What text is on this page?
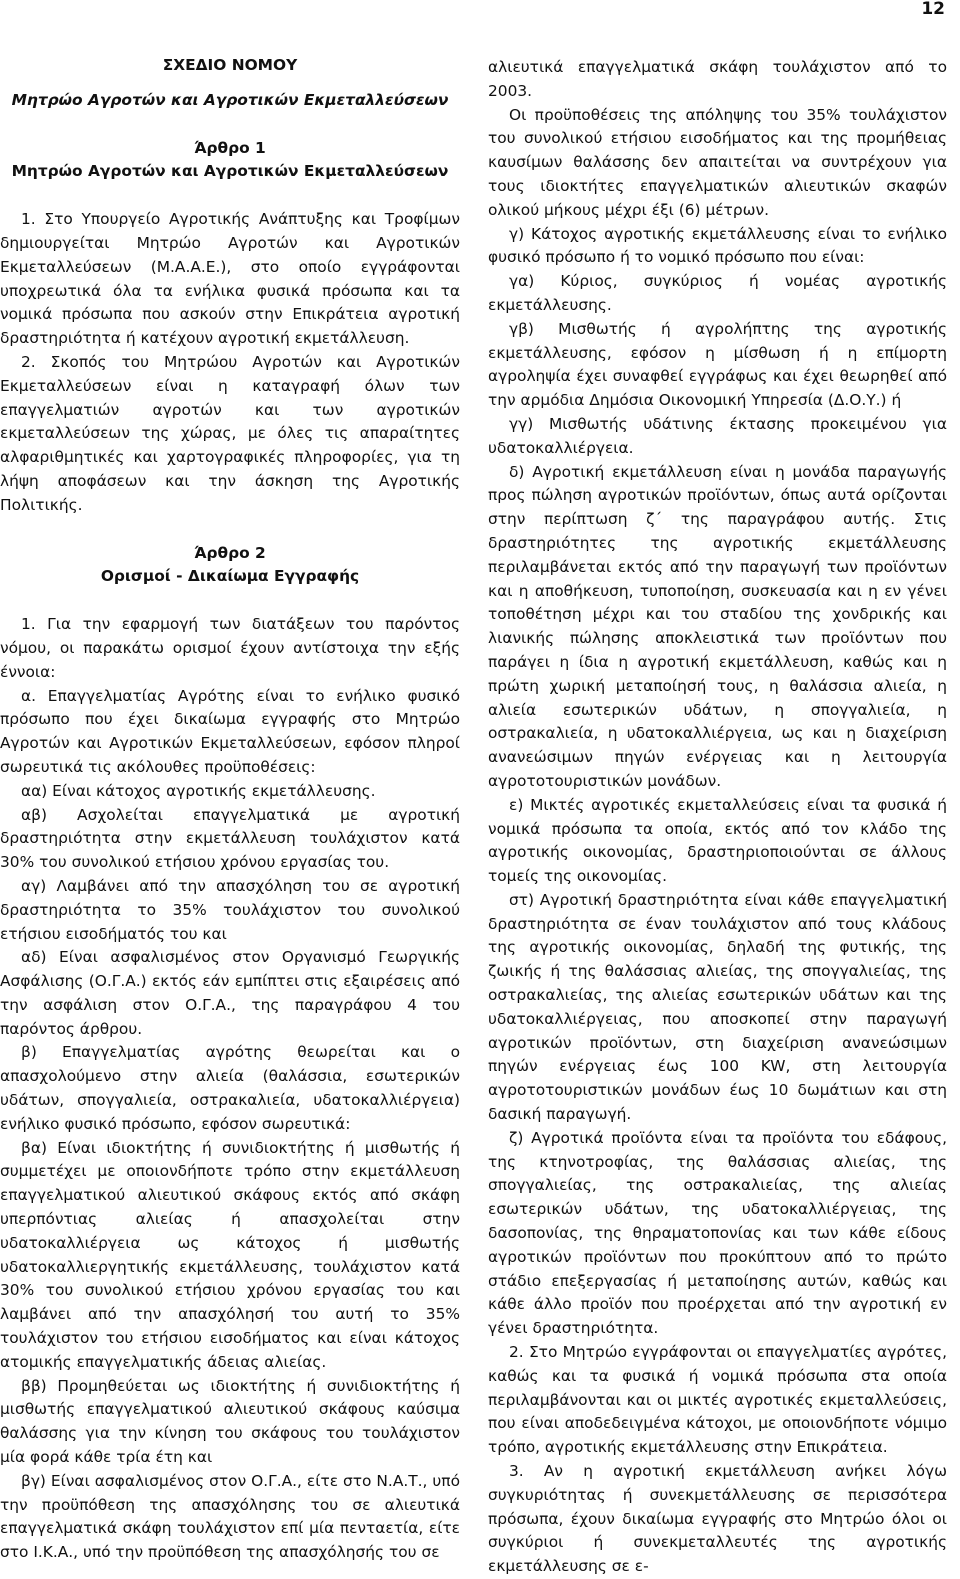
12

ΣΧΕΔΙΟ ΝΟΜΟΥ

Μητρώο Αγροτών και Αγροτικών Εκμεταλλεύσεων

Άρθρο 1

Μητρώο Αγροτών και Αγροτικών Εκμεταλλεύσεων

1. Στο Υπουργείο Αγροτικής Ανάπτυξης και Τροφίμων δημιουργείται Μητρώο Αγροτών και Αγροτικών Εκμεταλλεύσεων (Μ.Α.Α.Ε.), στο οποίο εγγράφονται υποχρεωτικά όλα τα ενήλικα φυσικά πρόσωπα και τα νομικά πρόσωπα που ασκούν στην Επικράτεια αγροτική δραστηριότητα ή κατέχουν αγροτική εκμετάλλευση.

2. Σκοπός του Μητρώου Αγροτών και Αγροτικών Εκμεταλλεύσεων είναι η καταγραφή όλων των επαγγελματιών αγροτών και των αγροτικών εκμεταλλεύσεων της χώρας, με όλες τις απαραίτητες αλφαριθμητικές και χαρτογραφικές πληροφορίες, για τη λήψη αποφάσεων και την άσκηση της Αγροτικής Πολιτικής.

Άρθρο 2

Ορισμοί - Δικαίωμα Εγγραφής

1. Για την εφαρμογή των διατάξεων του παρόντος νόμου, οι παρακάτω ορισμοί έχουν αντίστοιχα την εξής έννοια:

α. Επαγγελματίας Αγρότης είναι το ενήλικο φυσικό πρόσωπο που έχει δικαίωμα εγγραφής στο Μητρώο Αγροτών και Αγροτικών Εκμεταλλεύσεων, εφόσον πληροί σωρευτικά τις ακόλουθες προϋποθέσεις:

αα) Είναι κάτοχος αγροτικής εκμετάλλευσης.

αβ) Ασχολείται επαγγελματικά με αγροτική δραστηριότητα στην εκμετάλλευση τουλάχιστον κατά 30% του συνολικού ετήσιου χρόνου εργασίας του.

αγ) Λαμβάνει από την απασχόληση του σε αγροτική δραστηριότητα το 35% τουλάχιστον του συνολικού ετήσιου εισοδήματός του και

αδ) Είναι ασφαλισμένος στον Οργανισμό Γεωργικής Ασφάλισης (Ο.Γ.Α.) εκτός εάν εμπίπτει στις εξαιρέσεις από την ασφάλιση στον Ο.Γ.Α., της παραγράφου 4 του παρόντος άρθρου.

β) Επαγγελματίας αγρότης θεωρείται και ο απασχολούμενο στην αλιεία (θαλάσσια, εσωτερικών υδάτων, σπογγαλιεία, οστρακαλιεία, υδατοκαλλιέργεια) ενήλικο φυσικό πρόσωπο, εφόσον σωρευτικά:

βα) Είναι ιδιοκτήτης ή συνιδιοκτήτης ή μισθωτής ή συμμετέχει με οποιονδήποτε τρόπο στην εκμετάλλευση επαγγελματικού αλιευτικού σκάφους εκτός από σκάφη υπερπόντιας αλιείας ή απασχολείται στην υδατοκαλλιέργεια ως κάτοχος ή μισθωτής υδατοκαλλιεργητικής εκμετάλλευσης, τουλάχιστον κατά 30% του συνολικού ετήσιου χρόνου εργασίας του και λαμβάνει από την απασχόλησή του αυτή το 35% τουλάχιστον του ετήσιου εισοδήματος και είναι κάτοχος ατομικής επαγγελματικής άδειας αλιείας.

ββ) Προμηθεύεται ως ιδιοκτήτης ή συνιδιοκτήτης ή μισθωτής επαγγελματικού αλιευτικού σκάφους καύσιμα θαλάσσης για την κίνηση του σκάφους του τουλάχιστον μία φορά κάθε τρία έτη και

βγ) Είναι ασφαλισμένος στον Ο.Γ.Α., είτε στο Ν.Α.Τ., υπό την προϋπόθεση της απασχόλησης του σε αλιευτικά επαγγελματικά σκάφη τουλάχιστον επί μία πενταετία, είτε στο Ι.Κ.Α., υπό την προϋπόθεση της απασχόλησής του σε

αλιευτικά επαγγελματικά σκάφη τουλάχιστον από το 2003.

Οι προϋποθέσεις της απόληψης του 35% τουλάχιστον του συνολικού ετήσιου εισοδήματος και της προμήθειας καυσίμων θαλάσσης δεν απαιτείται να συντρέχουν για τους ιδιοκτήτες επαγγελματικών αλιευτικών σκαφών ολικού μήκους μέχρι έξι (6) μέτρων.

γ) Κάτοχος αγροτικής εκμετάλλευσης είναι το ενήλικο φυσικό πρόσωπο ή το νομικό πρόσωπο που είναι:

γα) Κύριος, συγκύριος ή νομέας αγροτικής εκμετάλλευσης.

γβ) Μισθωτής ή αγρολήπτης της αγροτικής εκμετάλλευσης, εφόσον η μίσθωση ή η επίμορτη αγροληψία έχει συναφθεί εγγράφως και έχει θεωρηθεί από την αρμόδια Δημόσια Οικονομική Υπηρεσία (Δ.Ο.Υ.) ή

γγ) Μισθωτής υδάτινης έκτασης προκειμένου για υδατοκαλλιέργεια.

δ) Αγροτική εκμετάλλευση είναι η μονάδα παραγωγής προς πώληση αγροτικών προϊόντων, όπως αυτά ορίζονται στην περίπτωση ζ΄ της παραγράφου αυτής. Στις δραστηριότητες της αγροτικής εκμετάλλευσης περιλαμβάνεται εκτός από την παραγωγή των προϊόντων και η αποθήκευση, τυποποίηση, συσκευασία και η εν γένει τοποθέτηση μέχρι και του σταδίου της χονδρικής και λιανικής πώλησης αποκλειστικά των προϊόντων που παράγει η ίδια η αγροτική εκμετάλλευση, καθώς και η πρώτη χωρική μεταποίησή τους, η θαλάσσια αλιεία, η αλιεία εσωτερικών υδάτων, η σπογγαλιεία, η οστρακαλιεία, η υδατοκαλλιέργεια, ως και η διαχείριση ανανεώσιμων πηγών ενέργειας και η λειτουργία αγροτοτουριστικών μονάδων.

ε) Μικτές αγροτικές εκμεταλλεύσεις είναι τα φυσικά ή νομικά πρόσωπα τα οποία, εκτός από τον κλάδο της αγροτικής οικονομίας, δραστηριοποιούνται σε άλλους τομείς της οικονομίας.

στ) Αγροτική δραστηριότητα είναι κάθε επαγγελματική δραστηριότητα σε έναν τουλάχιστον από τους κλάδους της αγροτικής οικονομίας, δηλαδή της φυτικής, της ζωικής ή της θαλάσσιας αλιείας, της σπογγαλιείας, της οστρακαλιείας, της αλιείας εσωτερικών υδάτων και της υδατοκαλλιέργειας, που αποσκοπεί στην παραγωγή αγροτικών προϊόντων, στη διαχείριση ανανεώσιμων πηγών ενέργειας έως 100 KW, στη λειτουργία αγροτοτουριστικών μονάδων έως 10 δωμάτιων και στη δασική παραγωγή.

ζ) Αγροτικά προϊόντα είναι τα προϊόντα του εδάφους, της κτηνοτροφίας, της θαλάσσιας αλιείας, της σπογγαλιείας, της οστρακαλιείας, της αλιείας εσωτερικών υδάτων, της υδατοκαλλιέργειας, της δασοπονίας, της θηραματοπονίας και των κάθε είδους αγροτικών προϊόντων που προκύπτουν από το πρώτο στάδιο επεξεργασίας ή μεταποίησης αυτών, καθώς και κάθε άλλο προϊόν που προέρχεται από την αγροτική εν γένει δραστηριότητα.

2. Στο Μητρώο εγγράφονται οι επαγγελματίες αγρότες, καθώς και τα φυσικά ή νομικά πρόσωπα στα οποία περιλαμβάνονται και οι μικτές αγροτικές εκμεταλλεύσεις, που είναι αποδεδειγμένα κάτοχοι, με οποιονδήποτε νόμιμο τρόπο, αγροτικής εκμετάλλευσης στην Επικράτεια.

3. Αν η αγροτική εκμετάλλευση ανήκει λόγω συγκυριότητας ή συνεκμετάλλευσης σε περισσότερα πρόσωπα, έχουν δικαίωμα εγγραφής στο Μητρώο όλοι οι συγκύριοι ή συνεκμεταλλευτές της αγροτικής εκμετάλλευσης σε ε-
